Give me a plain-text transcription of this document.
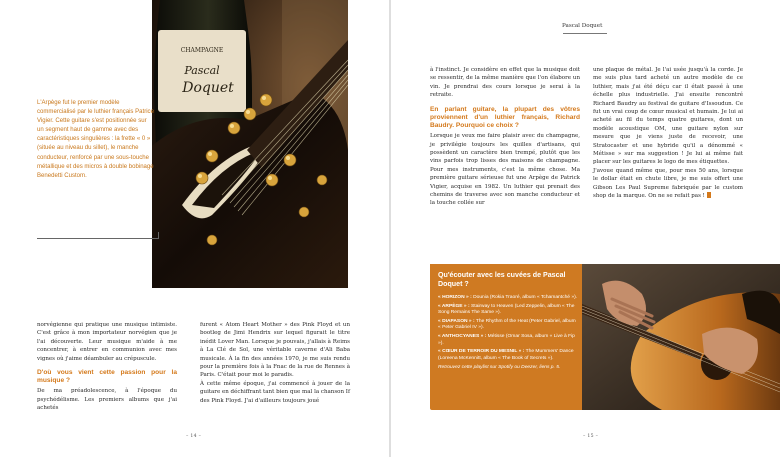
CHAMPAGNE
Pascal
Doquet

L'Arpège fut le premier modèle commercialisé par le luthier français Patrice Vigier. Cette guitare s'est positionnée sur un segment haut de gamme avec des caractéristiques singulières : la frette « 0 » (située au niveau du sillet), le manche conducteur, renforcé par une sous-touche métallique et des micros à double bobinage Benedetti Custom.

norvégienne qui pratique une musique intimiste. C'est grâce à mon importateur norvégien que je l'ai découverte. Leur musique m'aide à me concentrer, à entrer en communion avec mes vignes où j'aime déambuler au crépuscule.

D'où vous vient cette passion pour la musique ?

De ma préadolescence, à l'époque du psychédélisme. Les premiers albums que j'ai achetés

furent « Atom Heart Mother » des Pink Floyd et un bootleg de Jimi Hendrix sur lequel figurait le titre inédit Lover Man. Lorsque je pouvais, j'allais à Reims à La Clé de Sol, une véritable caverne d'Ali Baba musicale. À la fin des années 1970, je me suis rendu pour la première fois à la Fnac de la rue de Rennes à Paris. C'était pour moi le paradis.

À cette même époque, j'ai commencé à jouer de la guitare en déchiffrant tant bien que mal la chanson If des Pink Floyd. J'ai d'ailleurs toujours joué

– 14 –
Pascal Doquet

à l'instinct. Je considère en effet que la musique doit se ressentir, de la même manière que l'on élabore un vin. Je prendrai des cours lorsque je serai à la retraite.

En parlant guitare, la plupart des vôtres proviennent d'un luthier français, Richard Baudry. Pourquoi ce choix ?

Lorsque je veux me faire plaisir avec du champagne, je privilégie toujours les quilles d'artisans, qui possèdent un caractère bien trempé, plutôt que les vins parfois trop lisses des maisons de champagne. Pour mes instruments, c'est la même chose. Ma première guitare sérieuse fut une Arpège de Patrick Vigier, acquise en 1982. Un luthier qui prenait des chemins de traverse avec son manche conducteur et la touche collée sur

une plaque de métal. Je l'ai usée jusqu'à la corde. Je me suis plus tard acheté un autre modèle de ce luthier, mais j'ai été déçu car il était passé à une échelle plus industrielle. J'ai ensuite rencontré Richard Baudry au festival de guitare d'Issoudun. Ce fut un vrai coup de cœur musical et humain. Je lui ai acheté au fil du temps quatre guitares, dont un modèle acoustique OM, une guitare nylon sur mesure que je viens juste de recevoir, une Stratocaster et une hybride qu'il a dénommé « Métisse » sur ma suggestion ! Je lui ai même fait placer sur les guitares le logo de mes étiquettes.

J'avoue quand même que, pour mes 50 ans, lorsque le dollar était en chute libre, je me suis offert une Gibson Les Paul Supreme fabriquée par le custom shop de la marque. On ne se refait pas !

Qu'écouter avec les cuvées de Pascal Doquet ?
« HORIZON » : Dounia (Rokia Traoré, album « Tchamantché »).
« ARPÈGE » : Stairway to Heaven (Led Zeppelin, album « The Song Remains The Same »).
« DIAPASON » : The Rhythm of the Heat (Peter Gabriel, album « Peter Gabriel IV »).
« ANTHOCYANES » : Métisse (Omar Sosa, album « Live à Fip »).
« CŒUR DE TERROIR DU MESNIL » : The Mummers' Dance (Loreena McKennitt, album « The Book of Secrets »).
Retrouvez cette playlist sur Spotify ou Deezer, liens p. 5.
– 15 –
